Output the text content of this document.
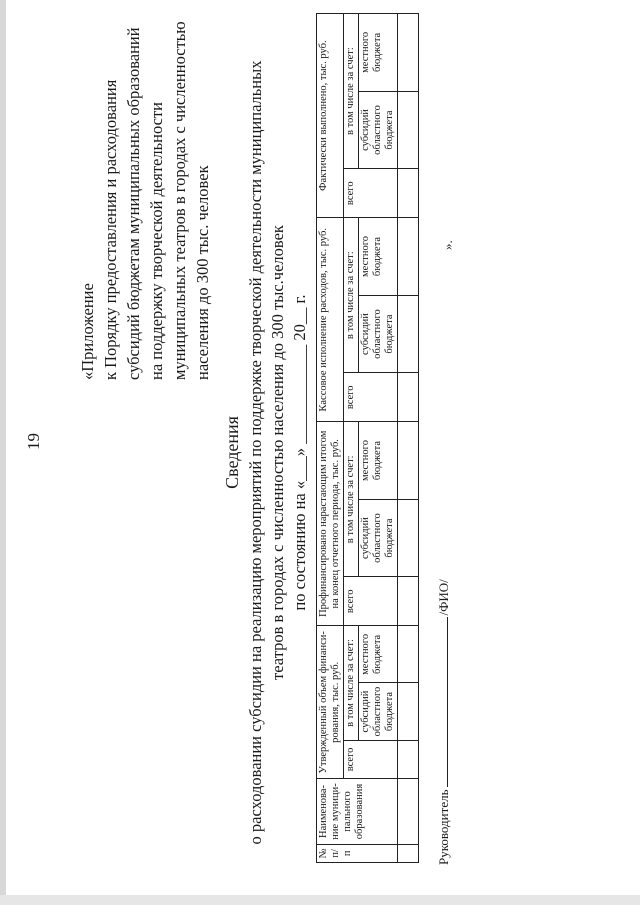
19
«Приложение к Порядку предоставления и расходования субсидий бюджетам муниципальных образований на поддержку творческой деятельности муниципальных театров в городах с численностью населения до 300 тыс. человек
Сведения о расходовании субсидии на реализацию мероприятий по поддержке творческой деятельности муниципальных театров в городах с численностью населения до 300 тыс.человек по состоянию на «___» ____________ 20__ г.
№ п/п	Наименова-ние муници-пального образования	Утвержденный объем финанси-рования, тыс. руб.			Профинансировано нарастающим итогом на конец отчетного периода, тыс. руб.			Кассовое исполнение расходов, тыс. руб.			Фактически выполнено, тыс. руб.		
		всего	в том числе за счет:		всего	в том числе за счет:		всего	в том числе за счет:		всего	в том числе за счет:	
			субсидий областного бюджета	местного бюджета		субсидий областного бюджета	местного бюджета		субсидий областного бюджета	местного бюджета		субсидий областного бюджета	местного бюджета

Руководитель/ФИО/
».
